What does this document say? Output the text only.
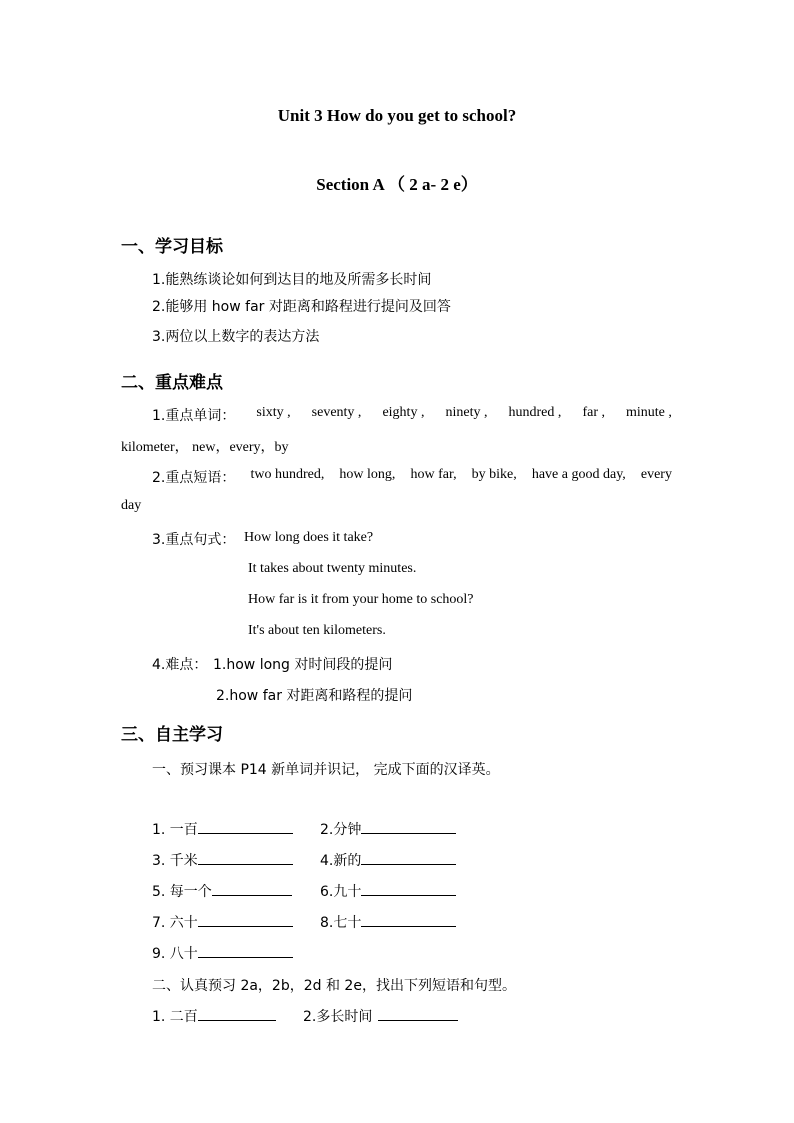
Unit 3 How do you get to school?
Section A （ 2 a- 2 e）
一、学习目标
1.能熟练谈论如何到达目的地及所需多长时间
2.能够用 how far 对距离和路程进行提问及回答
3.两位以上数字的表达方法
二、重点难点
1.重点单词： sixty , seventy , eighty , ninety , hundred , far , minute ,
kilometer， new，every，by
2.重点短语： two hundred, how long, how far, by bike, have a good day, every
day
3.重点句式： How long does it take?
It takes about twenty minutes.
How far is it from your home to school?
It's about ten kilometers.
4.难点： 1.how long 对时间段的提问
2.how far 对距离和路程的提问
三、自主学习
一、预习课本 P14 新单词并识记， 完成下面的汉译英。
1. 一百	2.分钟
3. 千米	4.新的
5. 每一个	6.九十
7. 六十	8.七十
9. 八十
二、认真预习 2a，2b，2d 和 2e，找出下列短语和句型。
1. 二百	2.多长时间
